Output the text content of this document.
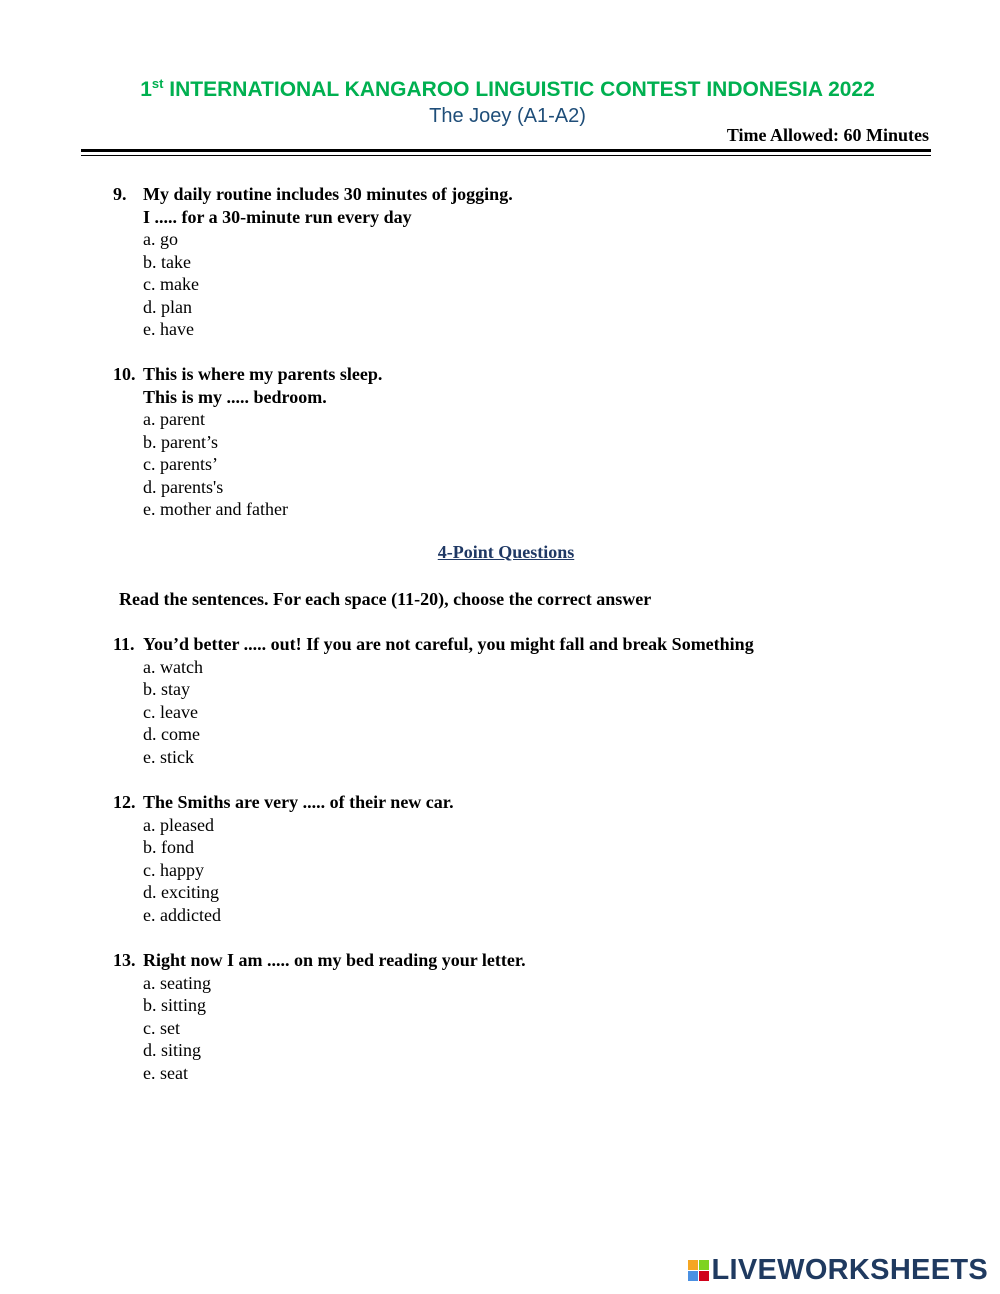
1st INTERNATIONAL KANGAROO LINGUISTIC CONTEST INDONESIA 2022
The Joey (A1-A2)
Time Allowed: 60 Minutes
9. My daily routine includes 30 minutes of jogging.
I ..... for a 30-minute run every day
a. go
b. take
c. make
d. plan
e. have
10. This is where my parents sleep.
This is my ..... bedroom.
a. parent
b. parent’s
c. parents’
d. parents's
e. mother and father
4-Point Questions
Read the sentences. For each space (11-20), choose the correct answer
11. You’d better ..... out! If you are not careful, you might fall and break Something
a. watch
b. stay
c. leave
d. come
e. stick
12. The Smiths are very ..... of their new car.
a. pleased
b. fond
c. happy
d. exciting
e. addicted
13. Right now I am ..... on my bed reading your letter.
a. seating
b. sitting
c. set
d. siting
e. seat
LIVEWORKSHEETS
